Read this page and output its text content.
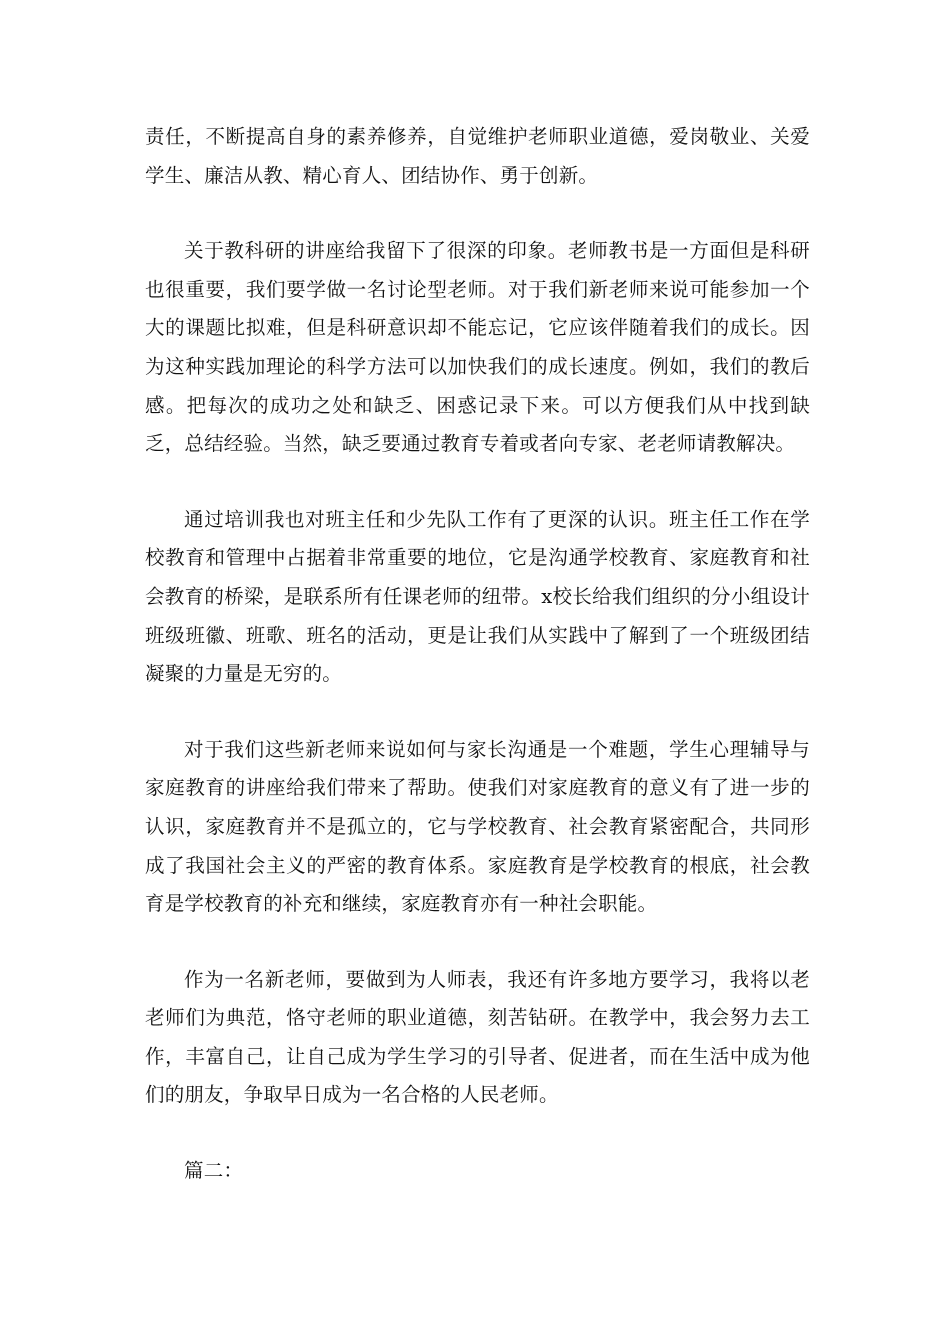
责任，不断提高自身的素养修养，自觉维护老师职业道德，爱岗敬业、关爱学生、廉洁从教、精心育人、团结协作、勇于创新。

关于教科研的讲座给我留下了很深的印象。老师教书是一方面但是科研也很重要，我们要学做一名讨论型老师。对于我们新老师来说可能参加一个大的课题比拟难，但是科研意识却不能忘记，它应该伴随着我们的成长。因为这种实践加理论的科学方法可以加快我们的成长速度。例如，我们的教后感。把每次的成功之处和缺乏、困惑记录下来。可以方便我们从中找到缺乏，总结经验。当然，缺乏要通过教育专着或者向专家、老老师请教解决。

通过培训我也对班主任和少先队工作有了更深的认识。班主任工作在学校教育和管理中占据着非常重要的地位，它是沟通学校教育、家庭教育和社会教育的桥梁，是联系所有任课老师的纽带。x校长给我们组织的分小组设计班级班徽、班歌、班名的活动，更是让我们从实践中了解到了一个班级团结凝聚的力量是无穷的。

对于我们这些新老师来说如何与家长沟通是一个难题，学生心理辅导与家庭教育的讲座给我们带来了帮助。使我们对家庭教育的意义有了进一步的认识，家庭教育并不是孤立的，它与学校教育、社会教育紧密配合，共同形成了我国社会主义的严密的教育体系。家庭教育是学校教育的根底，社会教育是学校教育的补充和继续，家庭教育亦有一种社会职能。

作为一名新老师，要做到为人师表，我还有许多地方要学习，我将以老老师们为典范，恪守老师的职业道德，刻苦钻研。在教学中，我会努力去工作，丰富自己，让自己成为学生学习的引导者、促进者，而在生活中成为他们的朋友，争取早日成为一名合格的人民老师。

篇二：
